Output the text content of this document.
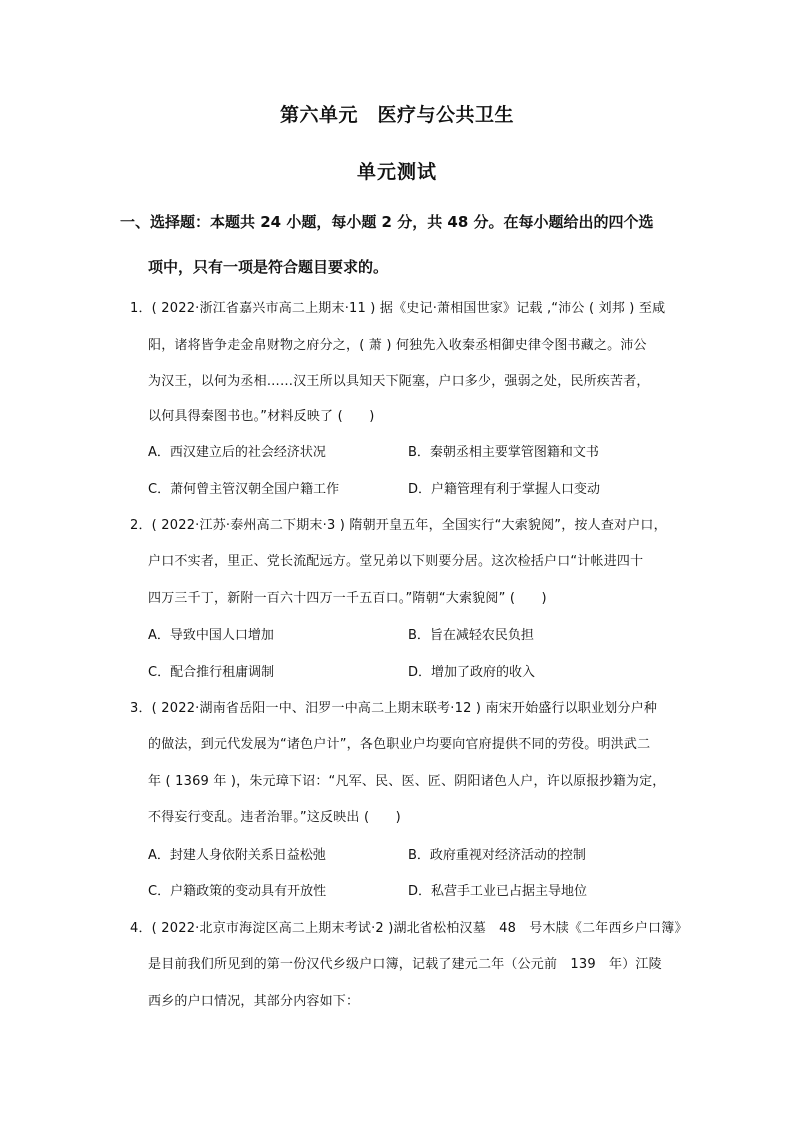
第六单元　医疗与公共卫生
单元测试
一、选择题：本题共 24 小题，每小题 2 分，共 48 分。在每小题给出的四个选
项中，只有一项是符合题目要求的。
1．( 2022·浙江省嘉兴市高二上期末·11 ) 据《史记·萧相国世家》记载 ,“沛公 ( 刘邦 ) 至咸
阳，诸将皆争走金帛财物之府分之，( 萧 ) 何独先入收秦丞相御史律令图书藏之。沛公
为汉王，以何为丞相……汉王所以具知天下阨塞，户口多少，强弱之处，民所疾苦者，
以何具得秦图书也。”材料反映了 (　　)
A．西汉建立后的社会经济状况	B．秦朝丞相主要掌管图籍和文书
C．萧何曾主管汉朝全国户籍工作	D．户籍管理有利于掌握人口变动
2．( 2022·江苏·泰州高二下期末·3 ) 隋朝开皇五年，全国实行“大索貌阅”，按人查对户口，
户口不实者，里正、党长流配远方。堂兄弟以下则要分居。这次检括户口“计帐进四十
四万三千丁，新附一百六十四万一千五百口。”隋朝“大索貌阅” (　　)
A．导致中国人口增加	B．旨在减轻农民负担
C．配合推行租庸调制	D．增加了政府的收入
3．( 2022·湖南省岳阳一中、汨罗一中高二上期末联考·12 ) 南宋开始盛行以职业划分户种
的做法，到元代发展为“诸色户计”，各色职业户均要向官府提供不同的劳役。明洪武二
年 ( 1369 年 )，朱元璋下诏：“凡军、民、医、匠、阴阳诸色人户，许以原报抄籍为定，
不得妄行变乱。违者治罪。”这反映出 (　　)
A．封建人身依附关系日益松弛	B．政府重视对经济活动的控制
C．户籍政策的变动具有开放性	D．私营手工业已占据主导地位
4．( 2022·北京市海淀区高二上期末考试·2 )湖北省松柏汉墓　48　号木牍《二年西乡户口簿》
是目前我们所见到的第一份汉代乡级户口簿，记载了建元二年（公元前　139　年）江陵
西乡的户口情况，其部分内容如下：
